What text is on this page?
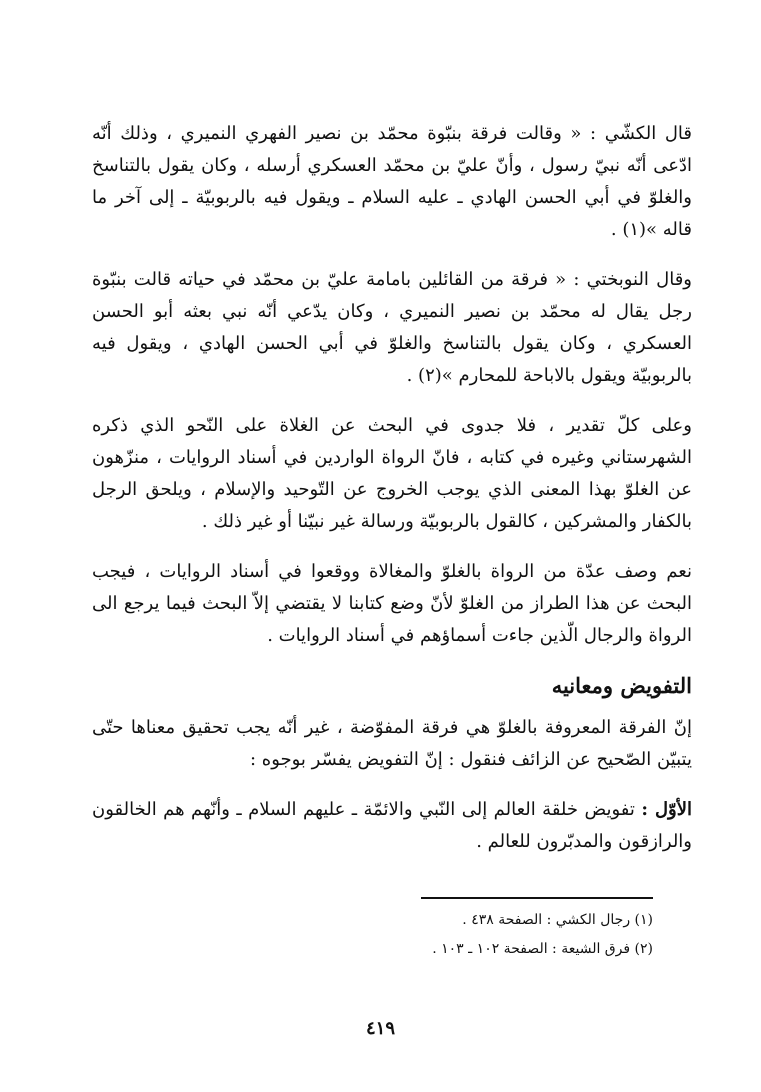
قال الكشّي : « وقالت فرقة بنبّوة محمّد بن نصير الفهري النميري ، وذلك أنّه ادّعى أنّه نبيّ رسول ، وأنّ عليّ بن محمّد العسكري أرسله ، وكان يقول بالتناسخ والغلوّ في أبي الحسن الهادي ـ عليه السلام ـ ويقول فيه بالربوبيّة ـ إلى آخر ما قاله »(١) .

وقال النوبختي : « فرقة من القائلين بامامة عليّ بن محمّد في حياته قالت بنبّوة رجل يقال له محمّد بن نصير النميري ، وكان يدّعي أنّه نبي بعثه أبو الحسن العسكري ، وكان يقول بالتناسخ والغلوّ في أبي الحسن الهادي ، ويقول فيه بالربوبيّة ويقول بالاباحة للمحارم »(٢) .

وعلى كلّ تقدير ، فلا جدوى في البحث عن الغلاة على النّحو الذي ذكره الشهرستاني وغيره في كتابه ، فانّ الرواة الواردين في أسناد الروايات ، منزّهون عن الغلوّ بهذا المعنى الذي يوجب الخروج عن التّوحيد والإسلام ، ويلحق الرجل بالكفار والمشركين ، كالقول بالربوبيّة ورسالة غير نبيّنا أو غير ذلك .

نعم وصف عدّة من الرواة بالغلوّ والمغالاة ووقعوا في أسناد الروايات ، فيجب البحث عن هذا الطراز من الغلوّ لأنّ وضع كتابنا لا يقتضي إلاّ البحث فيما يرجع الى الرواة والرجال الّذين جاءت أسماؤهم في أسناد الروايات .

التفويض ومعانيه

إنّ الفرقة المعروفة بالغلوّ هي فرقة المفوّضة ، غير أنّه يجب تحقيق معناها حتّى يتبيّن الصّحيح عن الزائف فنقول : إنّ التفويض يفسّر بوجوه :

الأوّل : تفويض خلقة العالم إلى النّبي والائمّة ـ عليهم السلام ـ وأنّهم هم الخالقون والرازقون والمدبّرون للعالم .

(١) رجال الكشي : الصفحة ٤٣٨ .

(٢) فرق الشيعة : الصفحة ١٠٢ ـ ١٠٣ .

٤١٩
